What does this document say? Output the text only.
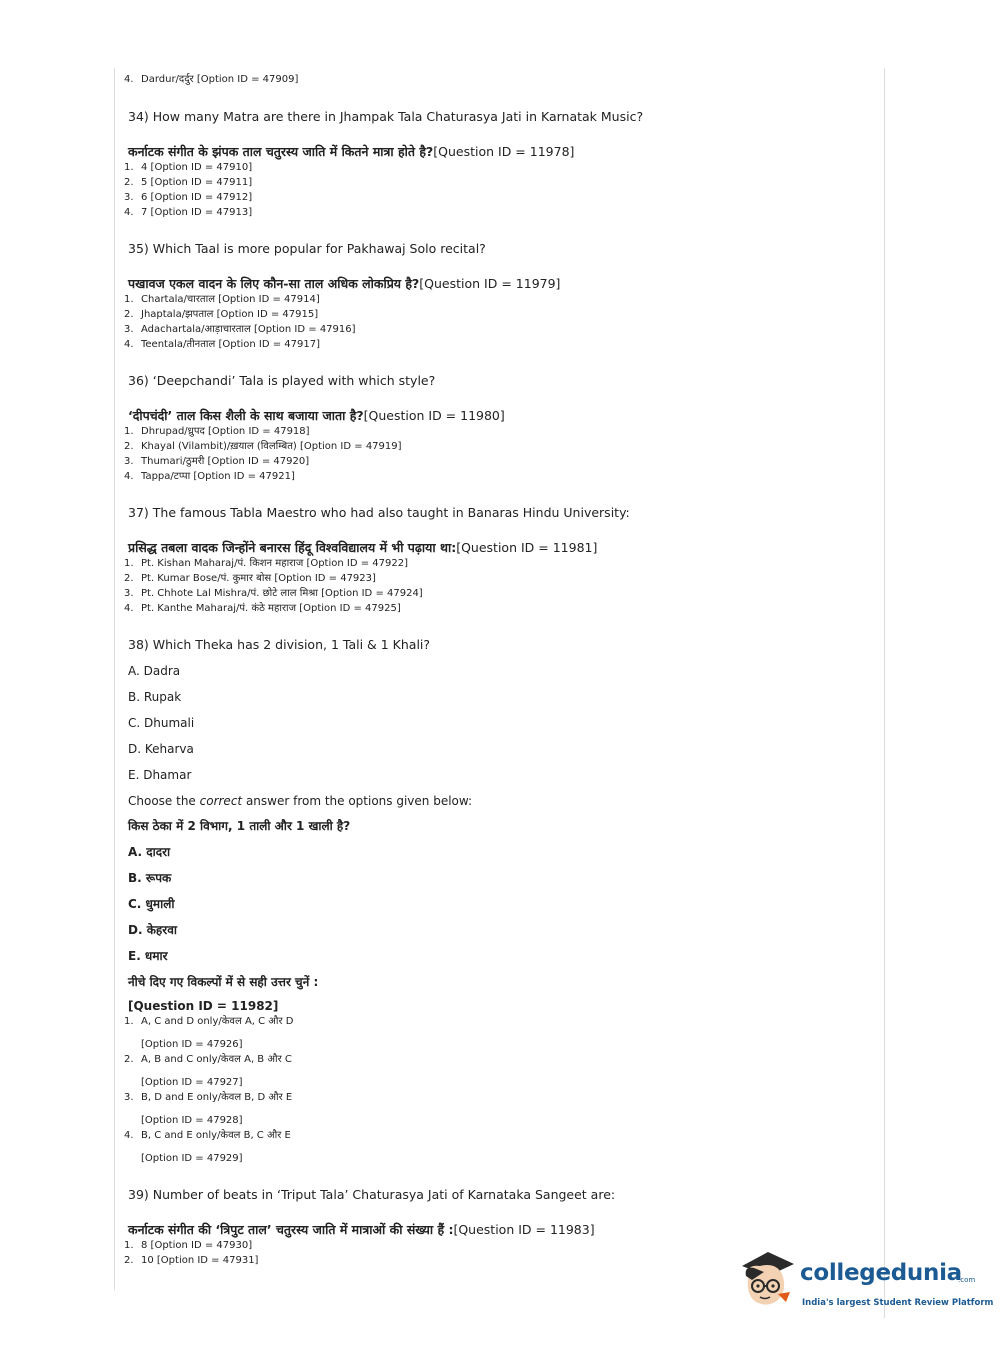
4. Dardur/दर्दुर [Option ID = 47909]

34) How many Matra are there in Jhampak Tala Chaturasya Jati in Karnatak Music?

कर्नाटक संगीत के झंपक ताल चतुरस्य जाति में कितने मात्रा होते है?[Question ID = 11978]

1. 4 [Option ID = 47910]
2. 5 [Option ID = 47911]
3. 6 [Option ID = 47912]
4. 7 [Option ID = 47913]

35) Which Taal is more popular for Pakhawaj Solo recital?

पखावज एकल वादन के लिए कौन-सा ताल अधिक लोकप्रिय है?[Question ID = 11979]

1. Chartala/चारताल [Option ID = 47914]
2. Jhaptala/झपताल [Option ID = 47915]
3. Adachartala/आड़ाचारताल [Option ID = 47916]
4. Teentala/तीनताल [Option ID = 47917]

36) ‘Deepchandi’ Tala is played with which style?

‘दीपचंदी’ ताल किस शैली के साथ बजाया जाता है?[Question ID = 11980]

1. Dhrupad/ध्रुपद [Option ID = 47918]
2. Khayal (Vilambit)/ख़याल (विलम्बित) [Option ID = 47919]
3. Thumari/ठुमरी [Option ID = 47920]
4. Tappa/टप्पा [Option ID = 47921]

37) The famous Tabla Maestro who had also taught in Banaras Hindu University:

प्रसिद्ध तबला वादक जिन्होंने बनारस हिंदू विश्वविद्यालय में भी पढ़ाया था:[Question ID = 11981]

1. Pt. Kishan Maharaj/पं. किशन महाराज [Option ID = 47922]
2. Pt. Kumar Bose/पं. कुमार बोस [Option ID = 47923]
3. Pt. Chhote Lal Mishra/पं. छोटे लाल मिश्रा [Option ID = 47924]
4. Pt. Kanthe Maharaj/पं. कंठे महाराज [Option ID = 47925]

38) Which Theka has 2 division, 1 Tali & 1 Khali?

A. Dadra
B. Rupak
C. Dhumali
D. Keharva
E. Dhamar
Choose the correct answer from the options given below:
किस ठेका में 2 विभाग, 1 ताली और 1 खाली है?
A. दादरा
B. रूपक
C. धुमाली
D. केहरवा
E. धमार
नीचे दिए गए विकल्पों में से सही उत्तर चुनें :
[Question ID = 11982]
1. A, C and D only/केवल A, C और D
[Option ID = 47926]
2. A, B and C only/केवल A, B और C
[Option ID = 47927]
3. B, D and E only/केवल B, D और E
[Option ID = 47928]
4. B, C and E only/केवल B, C और E
[Option ID = 47929]

39) Number of beats in ‘Triput Tala’ Chaturasya Jati of Karnataka Sangeet are:

कर्नाटक संगीत की ‘त्रिपुट ताल’ चतुरस्य जाति में मात्राओं की संख्या हैं :[Question ID = 11983]

1. 8 [Option ID = 47930]
2. 10 [Option ID = 47931]	collegedunia
.com
India's largest Student Review Platform
